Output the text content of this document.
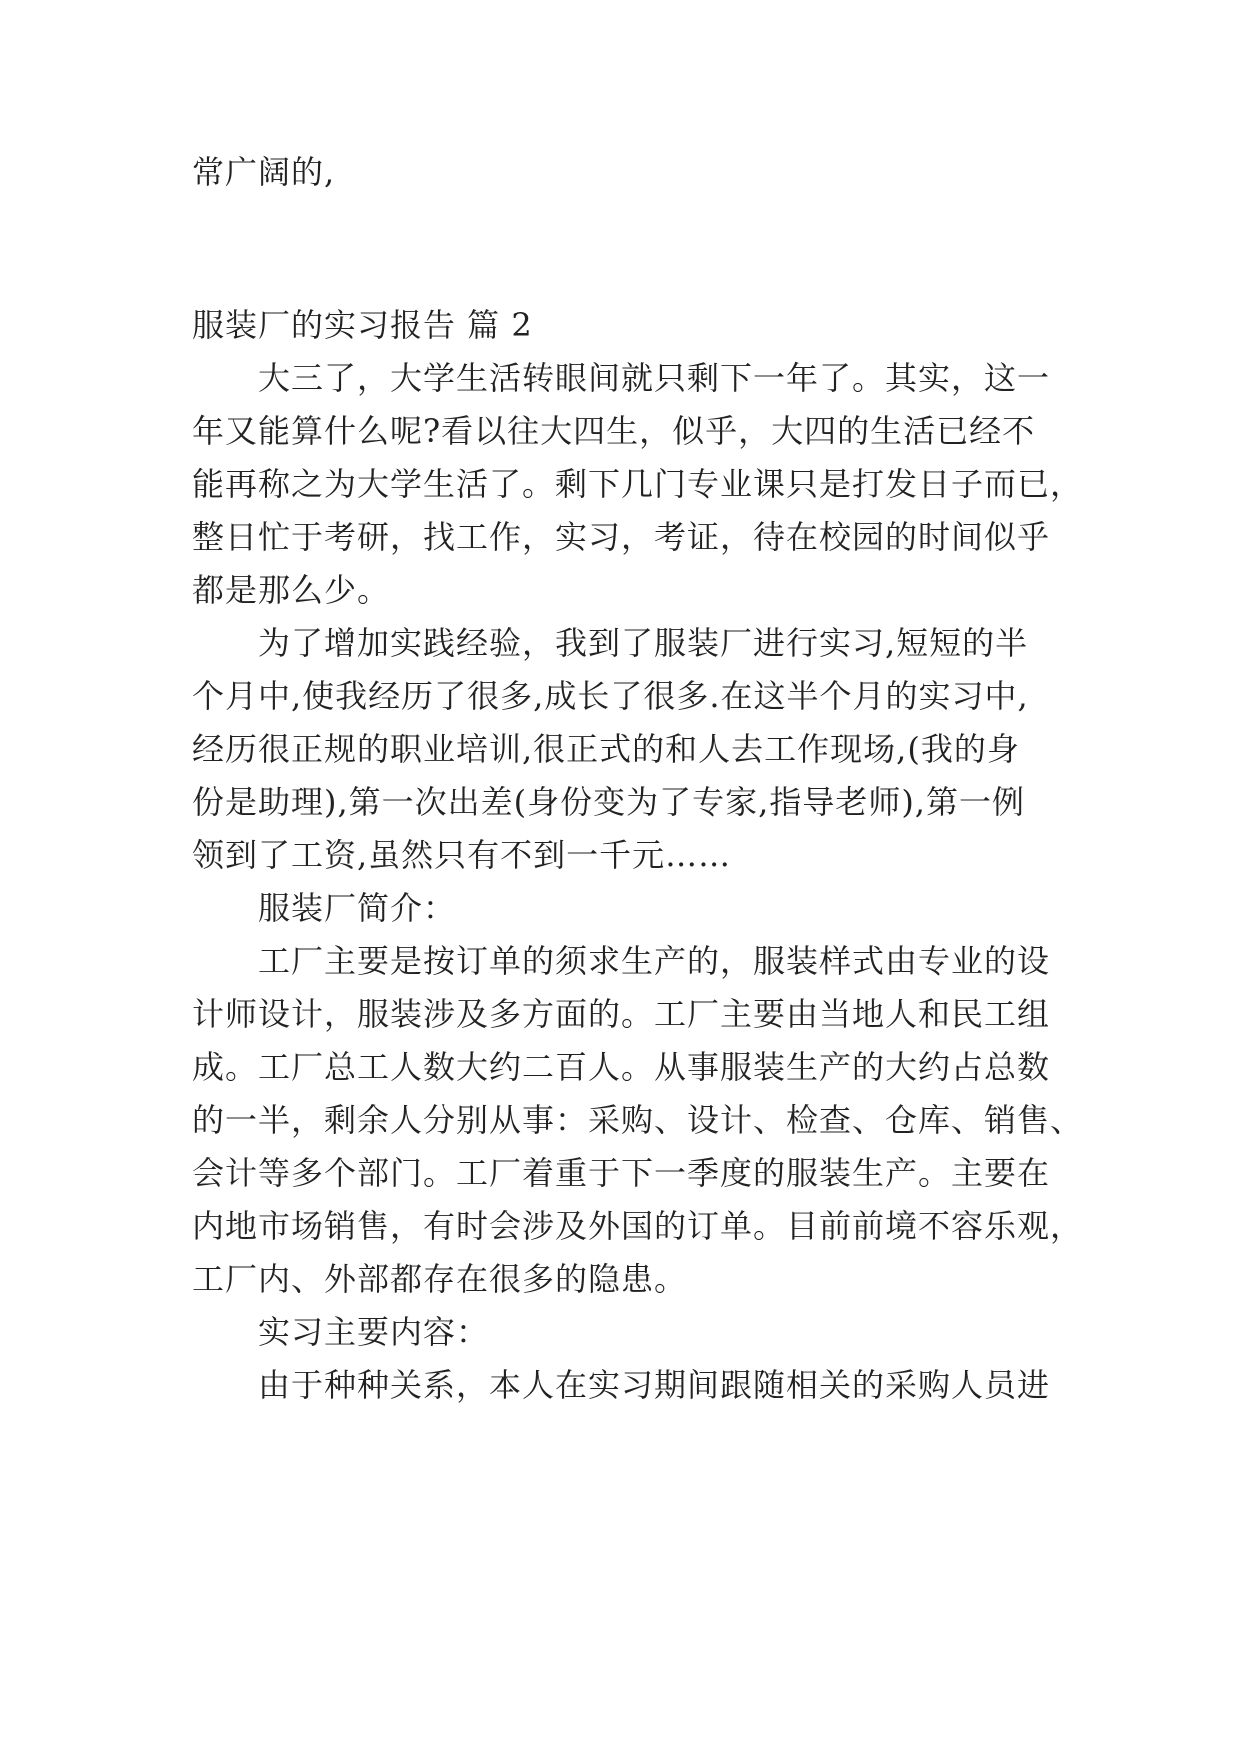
常广阔的,
服装厂的实习报告 篇 2
大三了，大学生活转眼间就只剩下一年了。其实，这一
年又能算什么呢?看以往大四生，似乎，大四的生活已经不
能再称之为大学生活了。剩下几门专业课只是打发日子而已，
整日忙于考研，找工作，实习，考证，待在校园的时间似乎
都是那么少。
为了增加实践经验，我到了服装厂进行实习,短短的半
个月中,使我经历了很多,成长了很多.在这半个月的实习中,
经历很正规的职业培训,很正式的和人去工作现场,(我的身
份是助理),第一次出差(身份变为了专家,指导老师),第一例
领到了工资,虽然只有不到一千元……
服装厂简介：
工厂主要是按订单的须求生产的，服装样式由专业的设
计师设计，服装涉及多方面的。工厂主要由当地人和民工组
成。工厂总工人数大约二百人。从事服装生产的大约占总数
的一半，剩余人分别从事：采购、设计、检查、仓库、销售、
会计等多个部门。工厂着重于下一季度的服装生产。主要在
内地市场销售，有时会涉及外国的订单。目前前境不容乐观，
工厂内、外部都存在很多的隐患。
实习主要内容：
由于种种关系，本人在实习期间跟随相关的采购人员进
